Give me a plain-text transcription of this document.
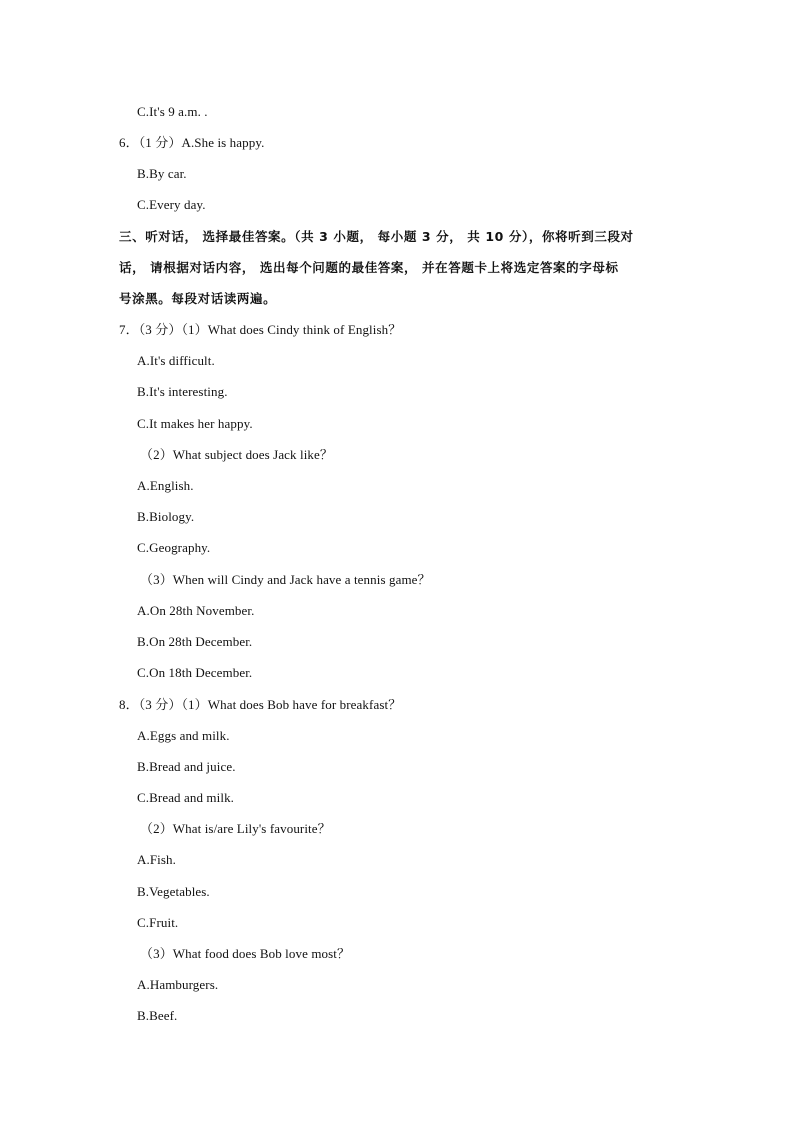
C.It's 9 a.m. .
6．（1 分）A.She is happy.
B.By car.
C.Every day.
三、听对话， 选择最佳答案。（共 3 小题， 每小题 3 分， 共 10 分），你将听到三段对
话， 请根据对话内容， 选出每个问题的最佳答案， 并在答题卡上将选定答案的字母标
号涂黑。每段对话读两遍。
7．（3 分）（1）What does Cindy think of English？
A.It's difficult.
B.It's interesting.
C.It makes her happy.
（2）What subject does Jack like？
A.English.
B.Biology.
C.Geography.
（3）When will Cindy and Jack have a tennis game？
A.On 28th November.
B.On 28th December.
C.On 18th December.
8．（3 分）（1）What does Bob have for breakfast？
A.Eggs and milk.
B.Bread and juice.
C.Bread and milk.
（2）What is/are Lily's favourite？
A.Fish.
B.Vegetables.
C.Fruit.
（3）What food does Bob love most？
A.Hamburgers.
B.Beef.
